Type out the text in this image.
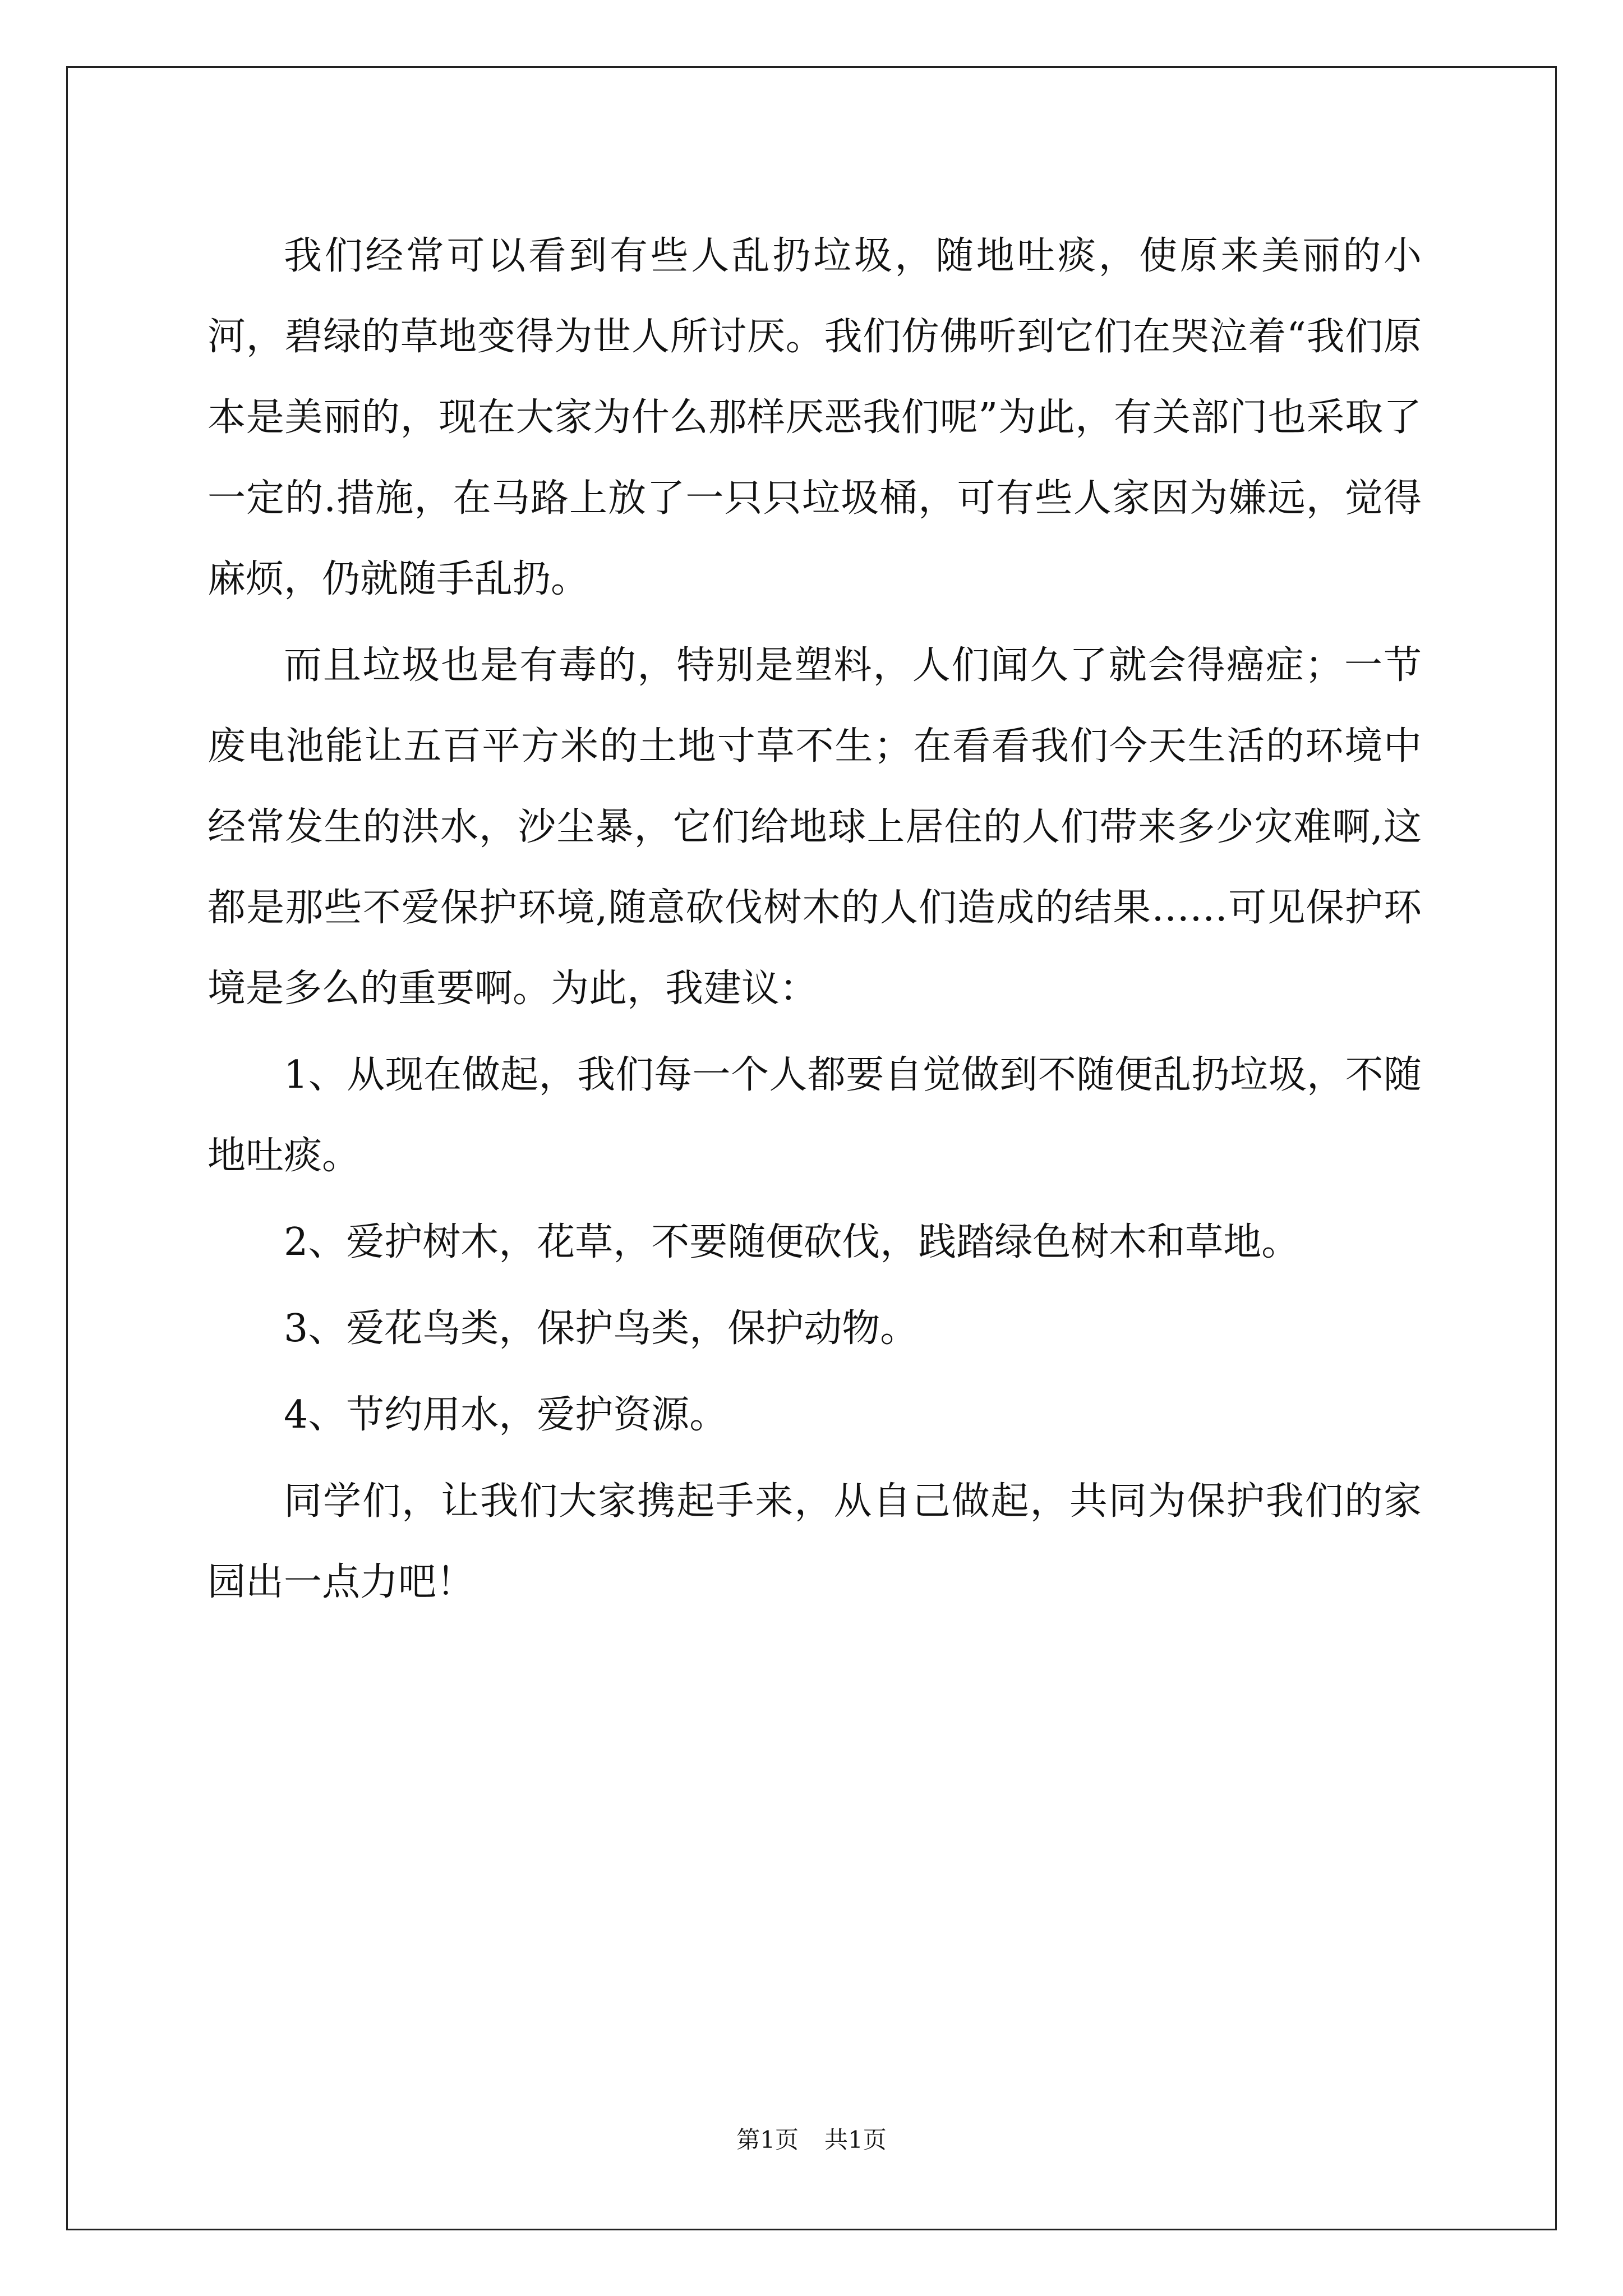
我们经常可以看到有些人乱扔垃圾，随地吐痰，使原来美丽的小河，碧绿的草地变得为世人所讨厌。我们仿佛听到它们在哭泣着“我们原本是美丽的，现在大家为什么那样厌恶我们呢”为此，有关部门也采取了一定的.措施，在马路上放了一只只垃圾桶，可有些人家因为嫌远，觉得麻烦，仍就随手乱扔。

而且垃圾也是有毒的，特别是塑料，人们闻久了就会得癌症；一节废电池能让五百平方米的土地寸草不生；在看看我们今天生活的环境中经常发生的洪水，沙尘暴，它们给地球上居住的人们带来多少灾难啊,这都是那些不爱保护环境,随意砍伐树木的人们造成的结果……可见保护环境是多么的重要啊。为此，我建议：

1、从现在做起，我们每一个人都要自觉做到不随便乱扔垃圾，不随地吐痰。

2、爱护树木，花草，不要随便砍伐，践踏绿色树木和草地。

3、爱花鸟类，保护鸟类，保护动物。

4、节约用水，爱护资源。

同学们，让我们大家携起手来，从自己做起，共同为保护我们的家园出一点力吧！

第1页 共1页
